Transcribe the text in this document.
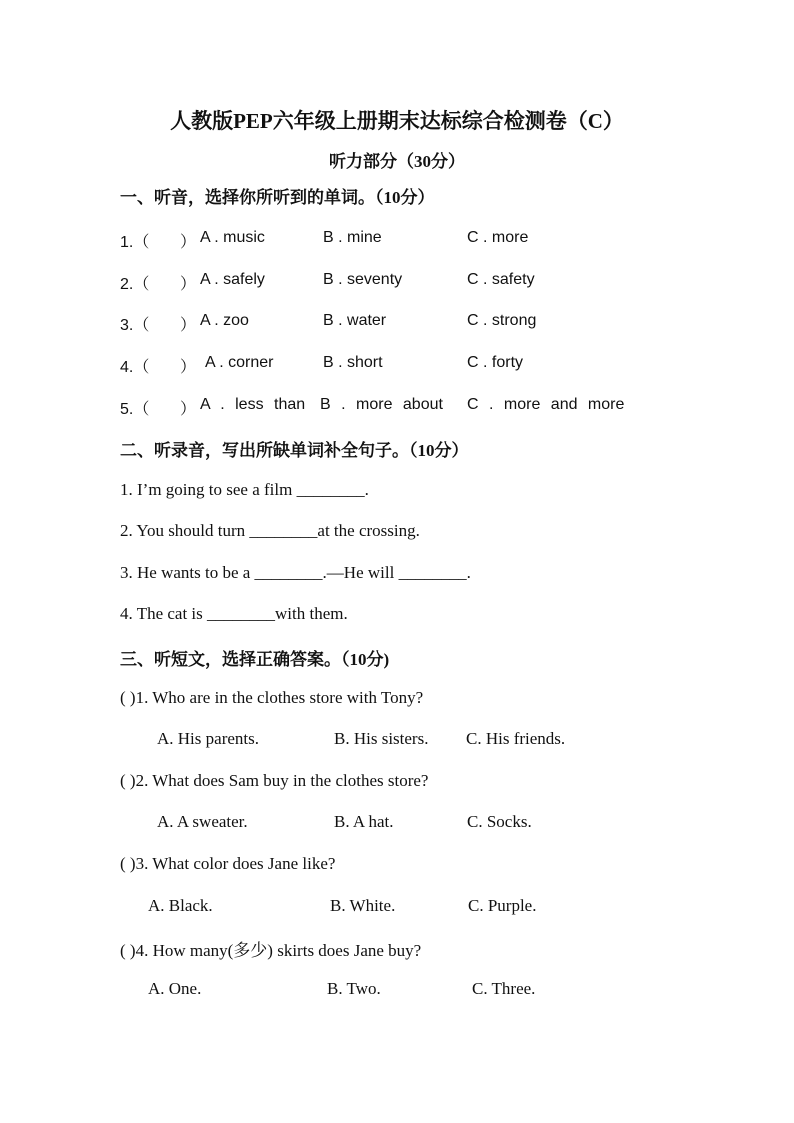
人教版PEP六年级上册期末达标综合检测卷（C）
听力部分（30分）
一、听音，选择你所听到的单词。（10分）
1.（ ） A . music	B . mine	C . more
2.（ ） A . safely	B . seventy	C . safety
3.（ ） A . zoo	B . water	C . strong
4.（ ） A . corner	B . short	C . forty
5.（ ） A . less than B . more about C . more and more
二、听录音，写出所缺单词补全句子。（10分）
1. I’m going to see a film ________.
2. You should turn ________at the crossing.
3. He wants to be a ________.—He will ________.
4. The cat is ________with them.
三、听短文，选择正确答案。（10分)
( )1. Who are in the clothes store with Tony?
A. His parents.	B. His sisters. C. His friends.
( )2. What does Sam buy in the clothes store?
A. A sweater.	B. A hat.	C. Socks.
( )3. What color does Jane like?
A. Black.	B. White.	C. Purple.
( )4. How many(多少) skirts does Jane buy?
A. One.	B. Two.	C. Three.
